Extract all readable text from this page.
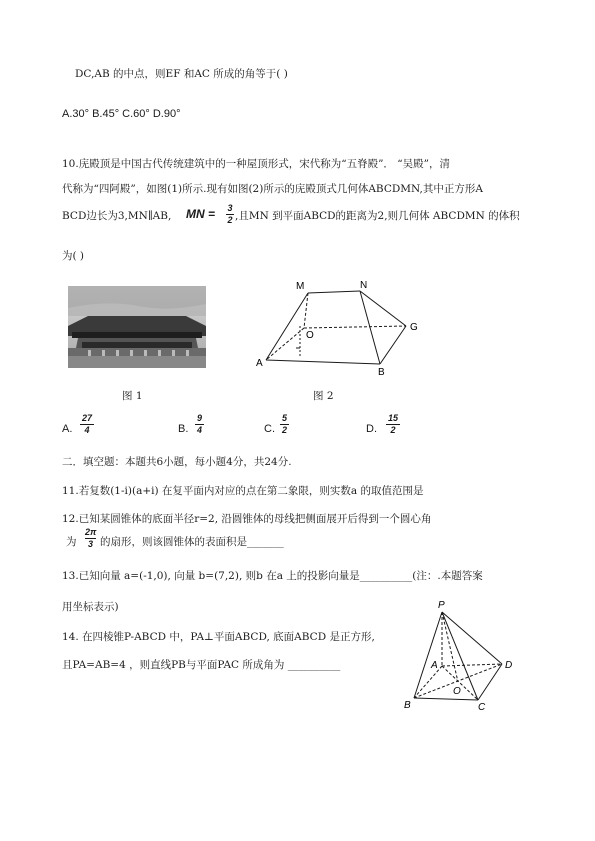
DC,AB 的中点，则EF 和AC 所成的角等于( )
A.30° B.45° C.60° D.90°
10.庑殿顶是中国古代传统建筑中的一种屋顶形式，宋代称为“五脊殿”． “吴殿”，清
代称为“四阿殿”，如图(1)所示.现有如图(2)所示的庑殿顶式几何体ABCDMN,其中正方形A
BCD边长为3,MN∥AB, MN = 3
2 ,且MN 到平面ABCD的距离为2,则几何体 ABCDMN 的体积
为( )
图 1
M	N
O
G
A
B
图 2
A.
27
4	B.
9
4	C.
5
2	D.
15
2
二．填空题：本题共6小题，每小题4分，共24分.
11.若复数(1-i)(a+i) 在复平面内对应的点在第二象限，则实数a 的取值范围是
12.已知某圆锥体的底面半径r=2, 沿圆锥体的母线把侧面展开后得到一个圆心角
为
2π
3 的扇形，则该圆锥体的表面积是_______
13.已知向量 a=(-1,0), 向量 b=(7,2), 则b 在a 上的投影向量是__________(注：.本题答案
用坐标表示)
14. 在四棱锥P-ABCD 中，PA⊥平面ABCD, 底面ABCD 是正方形,
且PA=AB=4 ，则直线PB与平面PAC 所成角为 __________
P
A	D
O
B	C
